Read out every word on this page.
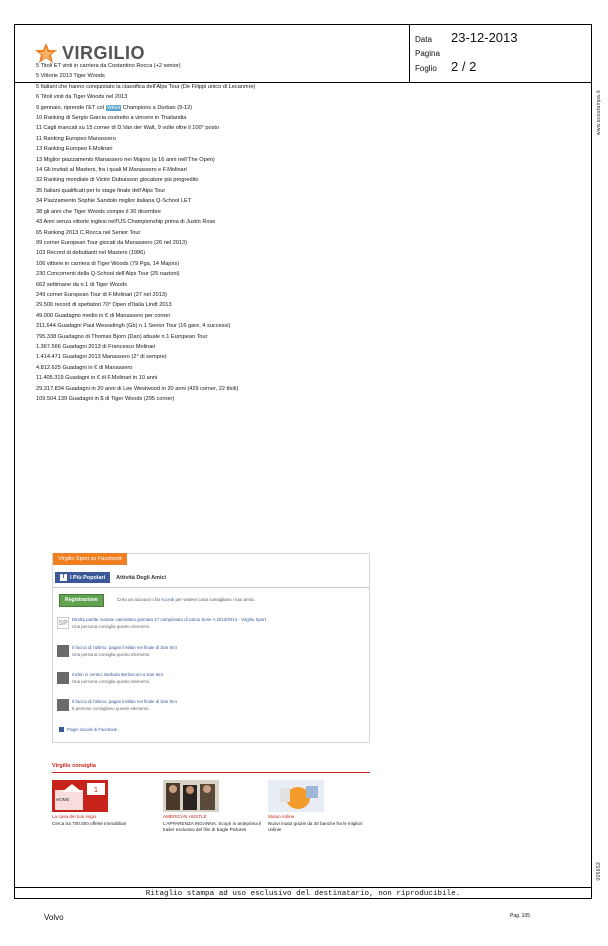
VIRGILIO
Data 23-12-2013
Pagina
Foglio 2 / 2
Ritaglio stampa ad uso esclusivo del destinatario, non riproducibile.
www.ecostampa.it
005653
5 Titoli ET vinti in carriera da Costantino Rocca (+2 senior)
5 Vittorie 2013 Tiger Woods
5 Italiani che hanno conquistato la classifica dell’Alps Tour (De Filippi unico di Lecanmre)
6 Titoli vinti da Tiger Woods nel 2013
9 gennaio, riprende l’ET col Volvo Champions a Durban (9-12)
10 Ranking di Sergio Garcia costretto a vincere in Thailandia
11 Cagli mancati su 15 corner di D.Van der Walt, 9 volte oltre il 100° posto
11 Ranking Europeo Manassero
13 Ranking Europeo F.Molinari
13 Miglior piazzamento Manassero nei Majors (a 16 anni nell’The Open)
14 Gli invitati al Masters, fra i quali M.Manassero e F.Molinari
32 Ranking mondiale di Victor Dubuisson giocatore più progredito
35 Italiani qualificati per lo stage finale dell’Alps Tour
34 Piazzamento Sophie Sandolo miglior italiana Q-School LET
38 gli anni che Tiger Woods compie il 30 dicembre
43 Anni senza vittorie inglesi nell’US Championship prima di Justin Rose
65 Ranking 2013 C.Rocca nel Senior Tour
99 corner European Tour giocati da Manassero (26 nel 2013)
103 Record di debuttanti nel Masters (1996)
106 vittorie in carriera di Tiger Woods (79 Pga, 14 Majors)
230 Concorrenti della Q-School dell’Alps Tour (25 nazioni)
662 settimane da n.1 di Tiger Woods
249 corner European Tour di F.Molinari (27 nel 2013)
29.500 record di spettatori 70° Open d’Italia Lindt 2013
49.000 Guadagno medio in € di Manassero per corner
311.644 Guadagni Paul Wesselingh (Gb) n.1 Senior Tour (16 gare, 4 successi)
795.338 Guadagno di Thomas Bjorn (Dan) attuale n.1 European Tour
1.367.566 Guadagni 2013 di Francesco Molinari
1.414.471 Guadagni 2013 Manassero (2° di sempre)
4.812.625 Guadagni in € di Manassero
11.405.319 Guadagni in € di F.Molinari in 10 anni
29.317.834 Guadagni in 20 anni di Lee Westwood in 20 anni (429 corner, 22 titoli)
109.504.139 Guadagni in $ di Tiger Woods (295 corner)
Virgilio Sport su Facebook
f	I Più Popolari	Attività Degli Amici
Registrazione	Crea un account o fai Accedi per vedere cosa consigliano i tuoi amici.
SP
Diretta partite romane calendario giornata 17 campionato di calcio Serie A 2013/2014 - Virgilio Sport
Una persona consiglia questo elemento.
Il faccio di l’ultimo: pagati il Milan nel finale di San Siro
Una persona consiglia questo elemento.
Inchin in centro: Barbara Berlusconi a San Siro
Una persona consiglia questo elemento.
Il faccio di l’ultimo: pagati il Milan nel finale di San Siro
5 persone consigliano questo elemento.
Plugin sociale di Facebook
Virgilio consiglia
1
HOME
La casa dei tuoi sogni
Cerca tra 700.000 offerte immobiliari
AMERICAN HUSTLE
L’APPARENZA INGANNA. Scopri in anteprima il trailer esclusivo del film di Eagle Pictures
Mutuo online
Nuovi mutui grazie da 40 banche fra le migliori online!
Volvo	Pag. 105
